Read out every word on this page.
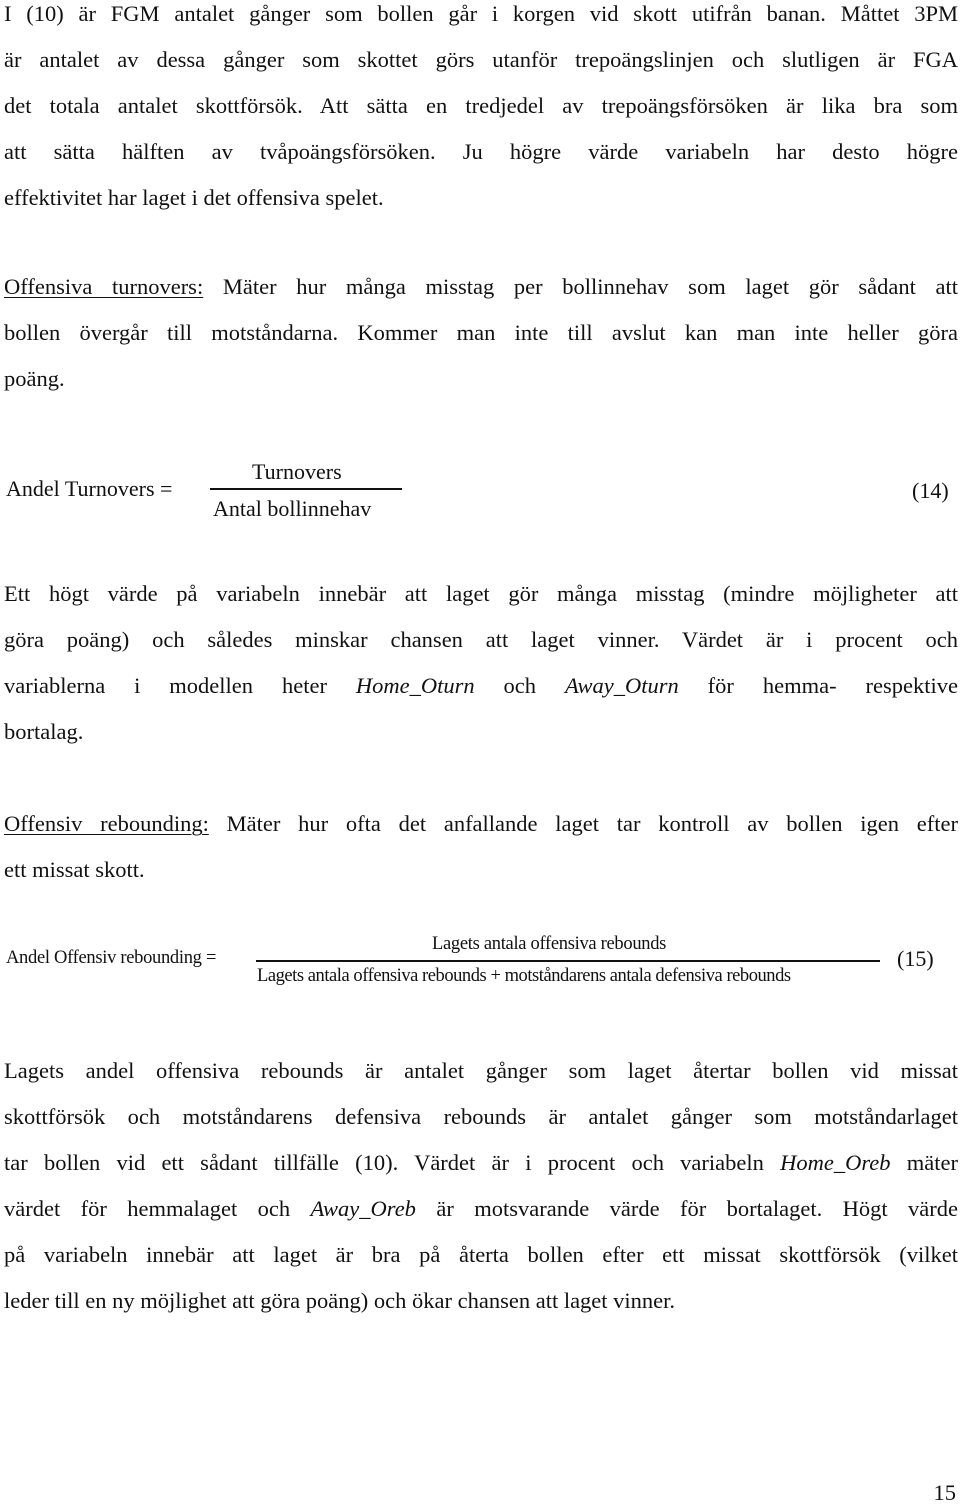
I (10) är FGM antalet gånger som bollen går i korgen vid skott utifrån banan. Måttet 3PM
är antalet av dessa gånger som skottet görs utanför trepoängslinjen och slutligen är FGA
det totala antalet skottförsök. Att sätta en tredjedel av trepoängsförsöken är lika bra som
att sätta hälften av tvåpoängsförsöken. Ju högre värde variabeln har desto högre
effektivitet har laget i det offensiva spelet.
Offensiva turnovers: Mäter hur många misstag per bollinnehav som laget gör sådant att
bollen övergår till motståndarna. Kommer man inte till avslut kan man inte heller göra
poäng.
Andel Turnovers =
Turnovers
Antal bollinnehav
(14)
Ett högt värde på variabeln innebär att laget gör många misstag (mindre möjligheter att
göra poäng) och således minskar chansen att laget vinner. Värdet är i procent och
variablerna i modellen heter Home_Oturn och Away_Oturn för hemma- respektive
bortalag.
Offensiv rebounding: Mäter hur ofta det anfallande laget tar kontroll av bollen igen efter
ett missat skott.
Andel Offensiv rebounding =
Lagets antala offensiva rebounds
Lagets antala offensiva rebounds + motståndarens antala defensiva rebounds
(15)
Lagets andel offensiva rebounds är antalet gånger som laget återtar bollen vid missat
skottförsök och motståndarens defensiva rebounds är antalet gånger som motståndarlaget
tar bollen vid ett sådant tillfälle (10). Värdet är i procent och variabeln Home_Oreb mäter
värdet för hemmalaget och Away_Oreb är motsvarande värde för bortalaget. Högt värde
på variabeln innebär att laget är bra på återta bollen efter ett missat skottförsök (vilket
leder till en ny möjlighet att göra poäng) och ökar chansen att laget vinner.
15
